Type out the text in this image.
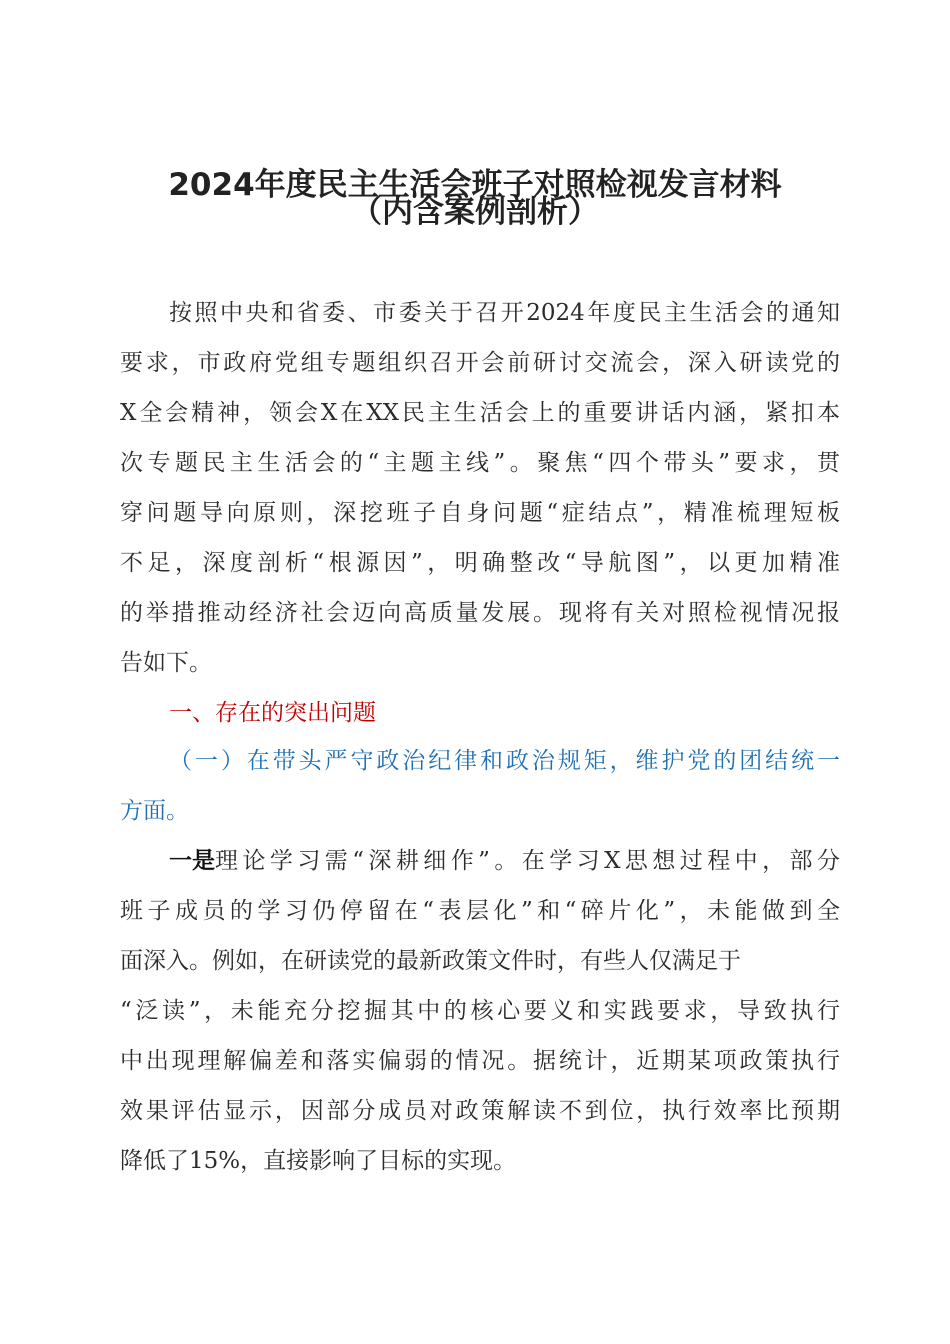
2024年度民主生活会班子对照检视发言材料
（内含案例剖析）
按照中央和省委、市委关于召开2024年度民主生活会的通知
要求，市政府党组专题组织召开会前研讨交流会，深入研读党的
X全会精神，领会X在XX民主生活会上的重要讲话内涵，紧扣本
次专题民主生活会的“主题主线”。聚焦“四个带头”要求，贯
穿问题导向原则，深挖班子自身问题“症结点”，精准梳理短板
不足，深度剖析“根源因”，明确整改“导航图”，以更加精准
的举措推动经济社会迈向高质量发展。现将有关对照检视情况报
告如下。
一、存在的突出问题
（一）在带头严守政治纪律和政治规矩，维护党的团结统一
方面。
一是 理论学习需“深耕细作”。在学习X思想过程中，部分
班子成员的学习仍停留在“表层化”和“碎片化”，未能做到全
面深入。例如，在研读党的最新政策文件时，有些人仅满足于
“泛读”，未能充分挖掘其中的核心要义和实践要求，导致执行
中出现理解偏差和落实偏弱的情况。据统计，近期某项政策执行
效果评估显示，因部分成员对政策解读不到位，执行效率比预期
降低了15%，直接影响了目标的实现。
